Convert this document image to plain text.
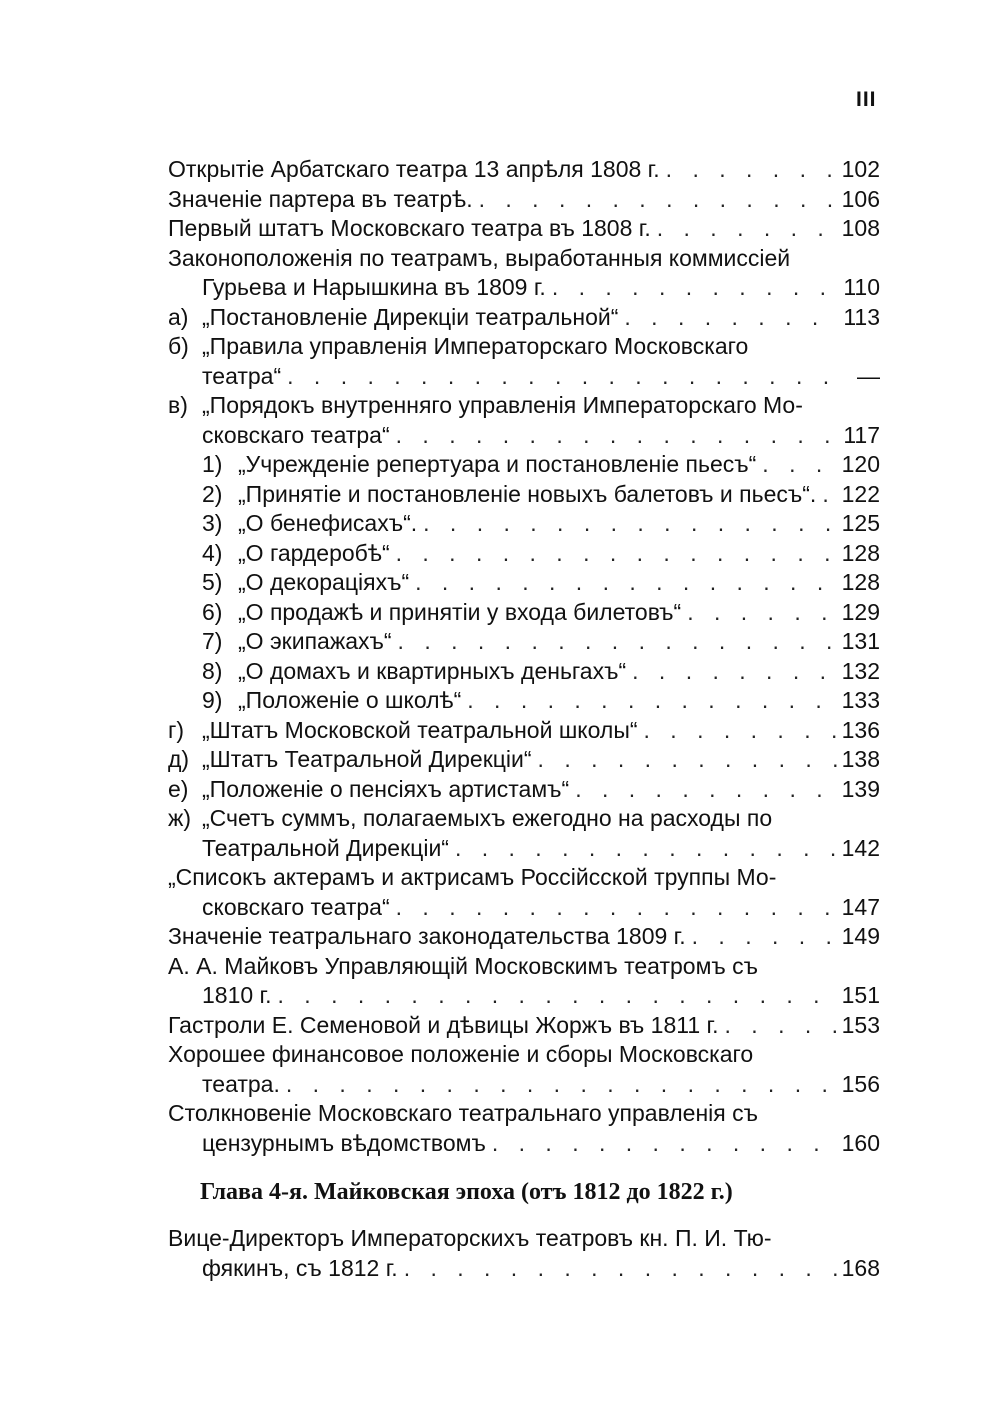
III
Открытіе Арбатскаго театра 13 апрѣля 1808 г. . . .	102
Значеніе партера въ театрѣ. . . .	106
Первый штатъ Московскаго театра въ 1808 г. . . .	108
Законоположенія по театрамъ, выработанныя коммиссіей
Гурьева и Нарышкина въ 1809 г. . . .	110
а) „Постановленіе Дирекціи театральной“ . . .	113
б) „Правила управленія Императорскаго Московскаго
театра“ . . .	—
в) „Порядокъ внутренняго управленія Императорскаго Мо-
сковскаго театра“ . . .	117
1) „Учрежденіе репертуара и постановленіе пьесъ“ . . .	120
2) „Принятіе и постановленіе новыхъ балетовъ и пьесъ“. . . . 122
3) „О бенефисахъ“. . . .	125
4) „О гардеробѣ“ . . .	128
5) „О декораціяхъ“ . . .	128
6) „О продажѣ и принятіи у входа билетовъ“ . . .	129
7) „О экипажахъ“ . . .	131
8) „О домахъ и квартирныхъ деньгахъ“ . . .	132
9) „Положеніе о школѣ“ . . .	133
г) „Штатъ Московской театральной школы“ . . .	136
д) „Штатъ Театральной Дирекціи“ . . .	138
е) „Положеніе о пенсіяхъ артистамъ“ . . .	139
ж) „Счетъ суммъ, полагаемыхъ ежегодно на расходы по
Театральной Дирекціи“ . . .	142
„Списокъ актерамъ и актрисамъ Россійсской труппы Мо-
сковскаго театра“ . . .	147
Значеніе театральнаго законодательства 1809 г. . . .	149
А. А. Майковъ Управляющій Московскимъ театромъ съ
1810 г. . . .	151
Гастроли Е. Семеновой и дѣвицы Жоржъ въ 1811 г. . . .	153
Хорошее финансовое положеніе и сборы Московскаго
театра. . . .	156
Столкновеніе Московскаго театральнаго управленія съ
цензурнымъ вѣдомствомъ . . .	160
Глава 4-я. Майковская эпоха (отъ 1812 до 1822 г.)
Вице-Директоръ Императорскихъ театровъ кн. П. И. Тю-
фякинъ, съ 1812 г. . . .	168
